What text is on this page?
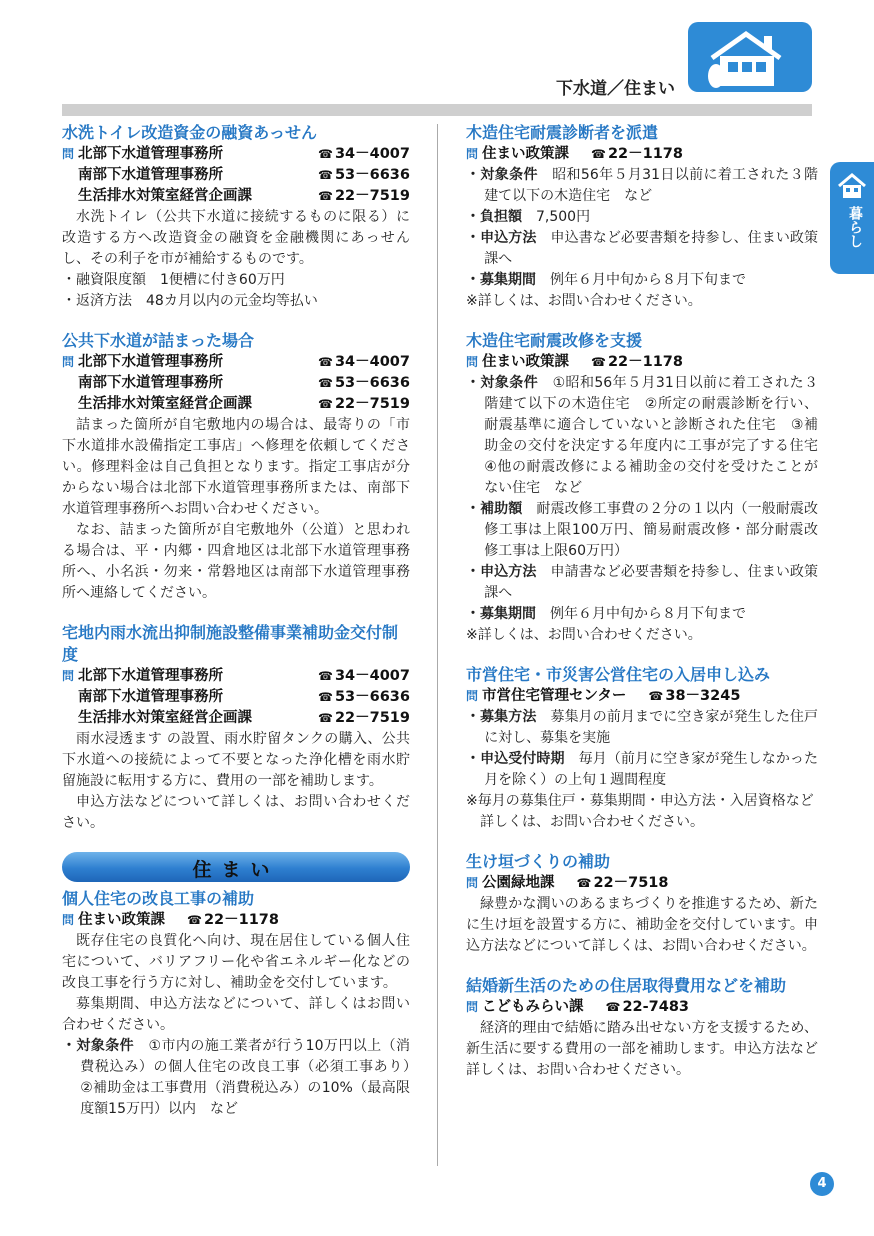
下水道／住まい
暮らし
水洗トイレ改造資金の融資あっせん
問 北部下水道管理事務所	☎ 34－4007
南部下水道管理事務所	☎ 53－6636
生活排水対策室経営企画課	☎ 22－7519
水洗トイレ（公共下水道に接続するものに限る）に改造する方へ改造資金の融資を金融機関にあっせんし、その利子を市が補給するものです。
・融資限度額　1便槽に付き60万円
・返済方法　48カ月以内の元金均等払い
公共下水道が詰まった場合
問 北部下水道管理事務所	☎ 34－4007
南部下水道管理事務所	☎ 53－6636
生活排水対策室経営企画課	☎ 22－7519
詰まった箇所が自宅敷地内の場合は、最寄りの「市下水道排水設備指定工事店」へ修理を依頼してください。修理料金は自己負担となります。指定工事店が分からない場合は北部下水道管理事務所または、南部下水道管理事務所へお問い合わせください。
なお、詰まった箇所が自宅敷地外（公道）と思われる場合は、平・内郷・四倉地区は北部下水道管理事務所へ、小名浜・勿来・常磐地区は南部下水道管理事務所へ連絡してください。
宅地内雨水流出抑制施設整備事業補助金交付制度
問 北部下水道管理事務所	☎ 34－4007
南部下水道管理事務所	☎ 53－6636
生活排水対策室経営企画課	☎ 22－7519
雨水浸透ます の設置、雨水貯留タンクの購入、公共下水道への接続によって不要となった浄化槽を雨水貯留施設に転用する方に、費用の一部を補助します。
申込方法などについて詳しくは、お問い合わせください。
住まい
個人住宅の改良工事の補助
問 住まい政策課 ☎ 22－1178
既存住宅の良質化へ向け、現在居住している個人住宅について、バリアフリー化や省エネルギー化などの改良工事を行う方に対し、補助金を交付しています。
募集期間、申込方法などについて、詳しくはお問い合わせください。
・対象条件　①市内の施工業者が行う10万円以上（消費税込み）の個人住宅の改良工事（必須工事あり）　②補助金は工事費用（消費税込み）の10%（最高限度額15万円）以内　など
木造住宅耐震診断者を派遣
問 住まい政策課 ☎ 22－1178
・対象条件　昭和56年５月31日以前に着工された３階建て以下の木造住宅　など
・負担額　7,500円
・申込方法　申込書など必要書類を持参し、住まい政策課へ
・募集期間　例年６月中旬から８月下旬まで
※詳しくは、お問い合わせください。
木造住宅耐震改修を支援
問 住まい政策課 ☎ 22－1178
・対象条件　①昭和56年５月31日以前に着工された３階建て以下の木造住宅　②所定の耐震診断を行い、耐震基準に適合していないと診断された住宅　③補助金の交付を決定する年度内に工事が完了する住宅　④他の耐震改修による補助金の交付を受けたことがない住宅　など
・補助額　耐震改修工事費の２分の１以内（一般耐震改修工事は上限100万円、簡易耐震改修・部分耐震改修工事は上限60万円）
・申込方法　申請書など必要書類を持参し、住まい政策課へ
・募集期間　例年６月中旬から８月下旬まで
※詳しくは、お問い合わせください。
市営住宅・市災害公営住宅の入居申し込み
問 市営住宅管理センター ☎ 38－3245
・募集方法　募集月の前月までに空き家が発生した住戸に対し、募集を実施
・申込受付時期　毎月（前月に空き家が発生しなかった月を除く）の上旬１週間程度
※毎月の募集住戸・募集期間・申込方法・入居資格など詳しくは、お問い合わせください。
生け垣づくりの補助
問 公園緑地課 ☎ 22－7518
緑豊かな潤いのあるまちづくりを推進するため、新たに生け垣を設置する方に、補助金を交付しています。申込方法などについて詳しくは、お問い合わせください。
結婚新生活のための住居取得費用などを補助
問 こどもみらい課 ☎ 22-7483
経済的理由で結婚に踏み出せない方を支援するため、新生活に要する費用の一部を補助します。申込方法など詳しくは、お問い合わせください。
4
